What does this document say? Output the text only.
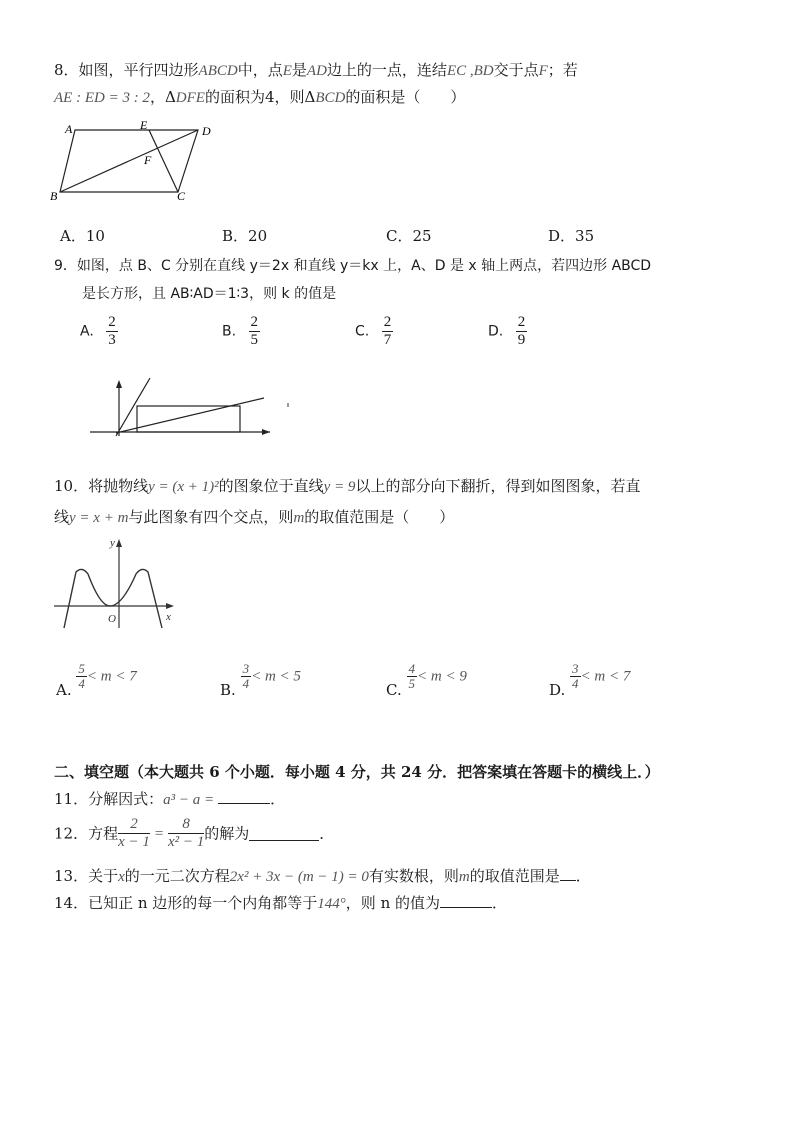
8．如图，平行四边形ABCD中，点E是AD边上的一点，连结EC ,BD交于点F；若
AE : ED = 3 : 2，ΔDFE的面积为4，则ΔBCD的面积是（　　）
A	E	D
F
B	C
A．10	B．20	C．25	D．35
9．如图，点 B、C 分别在直线 y＝2x 和直线 y＝kx 上，A、D 是 x 轴上两点，若四边形 ABCD
是长方形，且 AB∶AD＝1∶3，则 k 的值是
A. $\frac{2}{3}$	B. $\frac{2}{5}$	C. $\frac{2}{7}$	D. $\frac{2}{9}$
10．将抛物线y = (x + 1)²的图象位于直线y = 9以上的部分向下翻折，得到如图图象，若直
线y = x + m与此图象有四个交点，则m的取值范围是（　　）
y
O	x
A. $\frac{5}{4} < m < 7$
B. $\frac{3}{4} < m < 5$
C. $\frac{4}{5} < m < 9$
D. $\frac{3}{4} < m < 7$
二、填空题（本大题共 6 个小题．每小题 4 分，共 24 分．把答案填在答题卡的横线上．）
11．分解因式：a³ − a =	．
12．方程 $\frac{2}{x - 1} = \frac{8}{\text{x² − 1}}$ 的解为	．
13．关于x的一元二次方程2x² + 3x − (m − 1) = 0有实数根，则m的取值范围是 ．
14．已知正 n 边形的每一个内角都等于144°，则 n 的值为	．
